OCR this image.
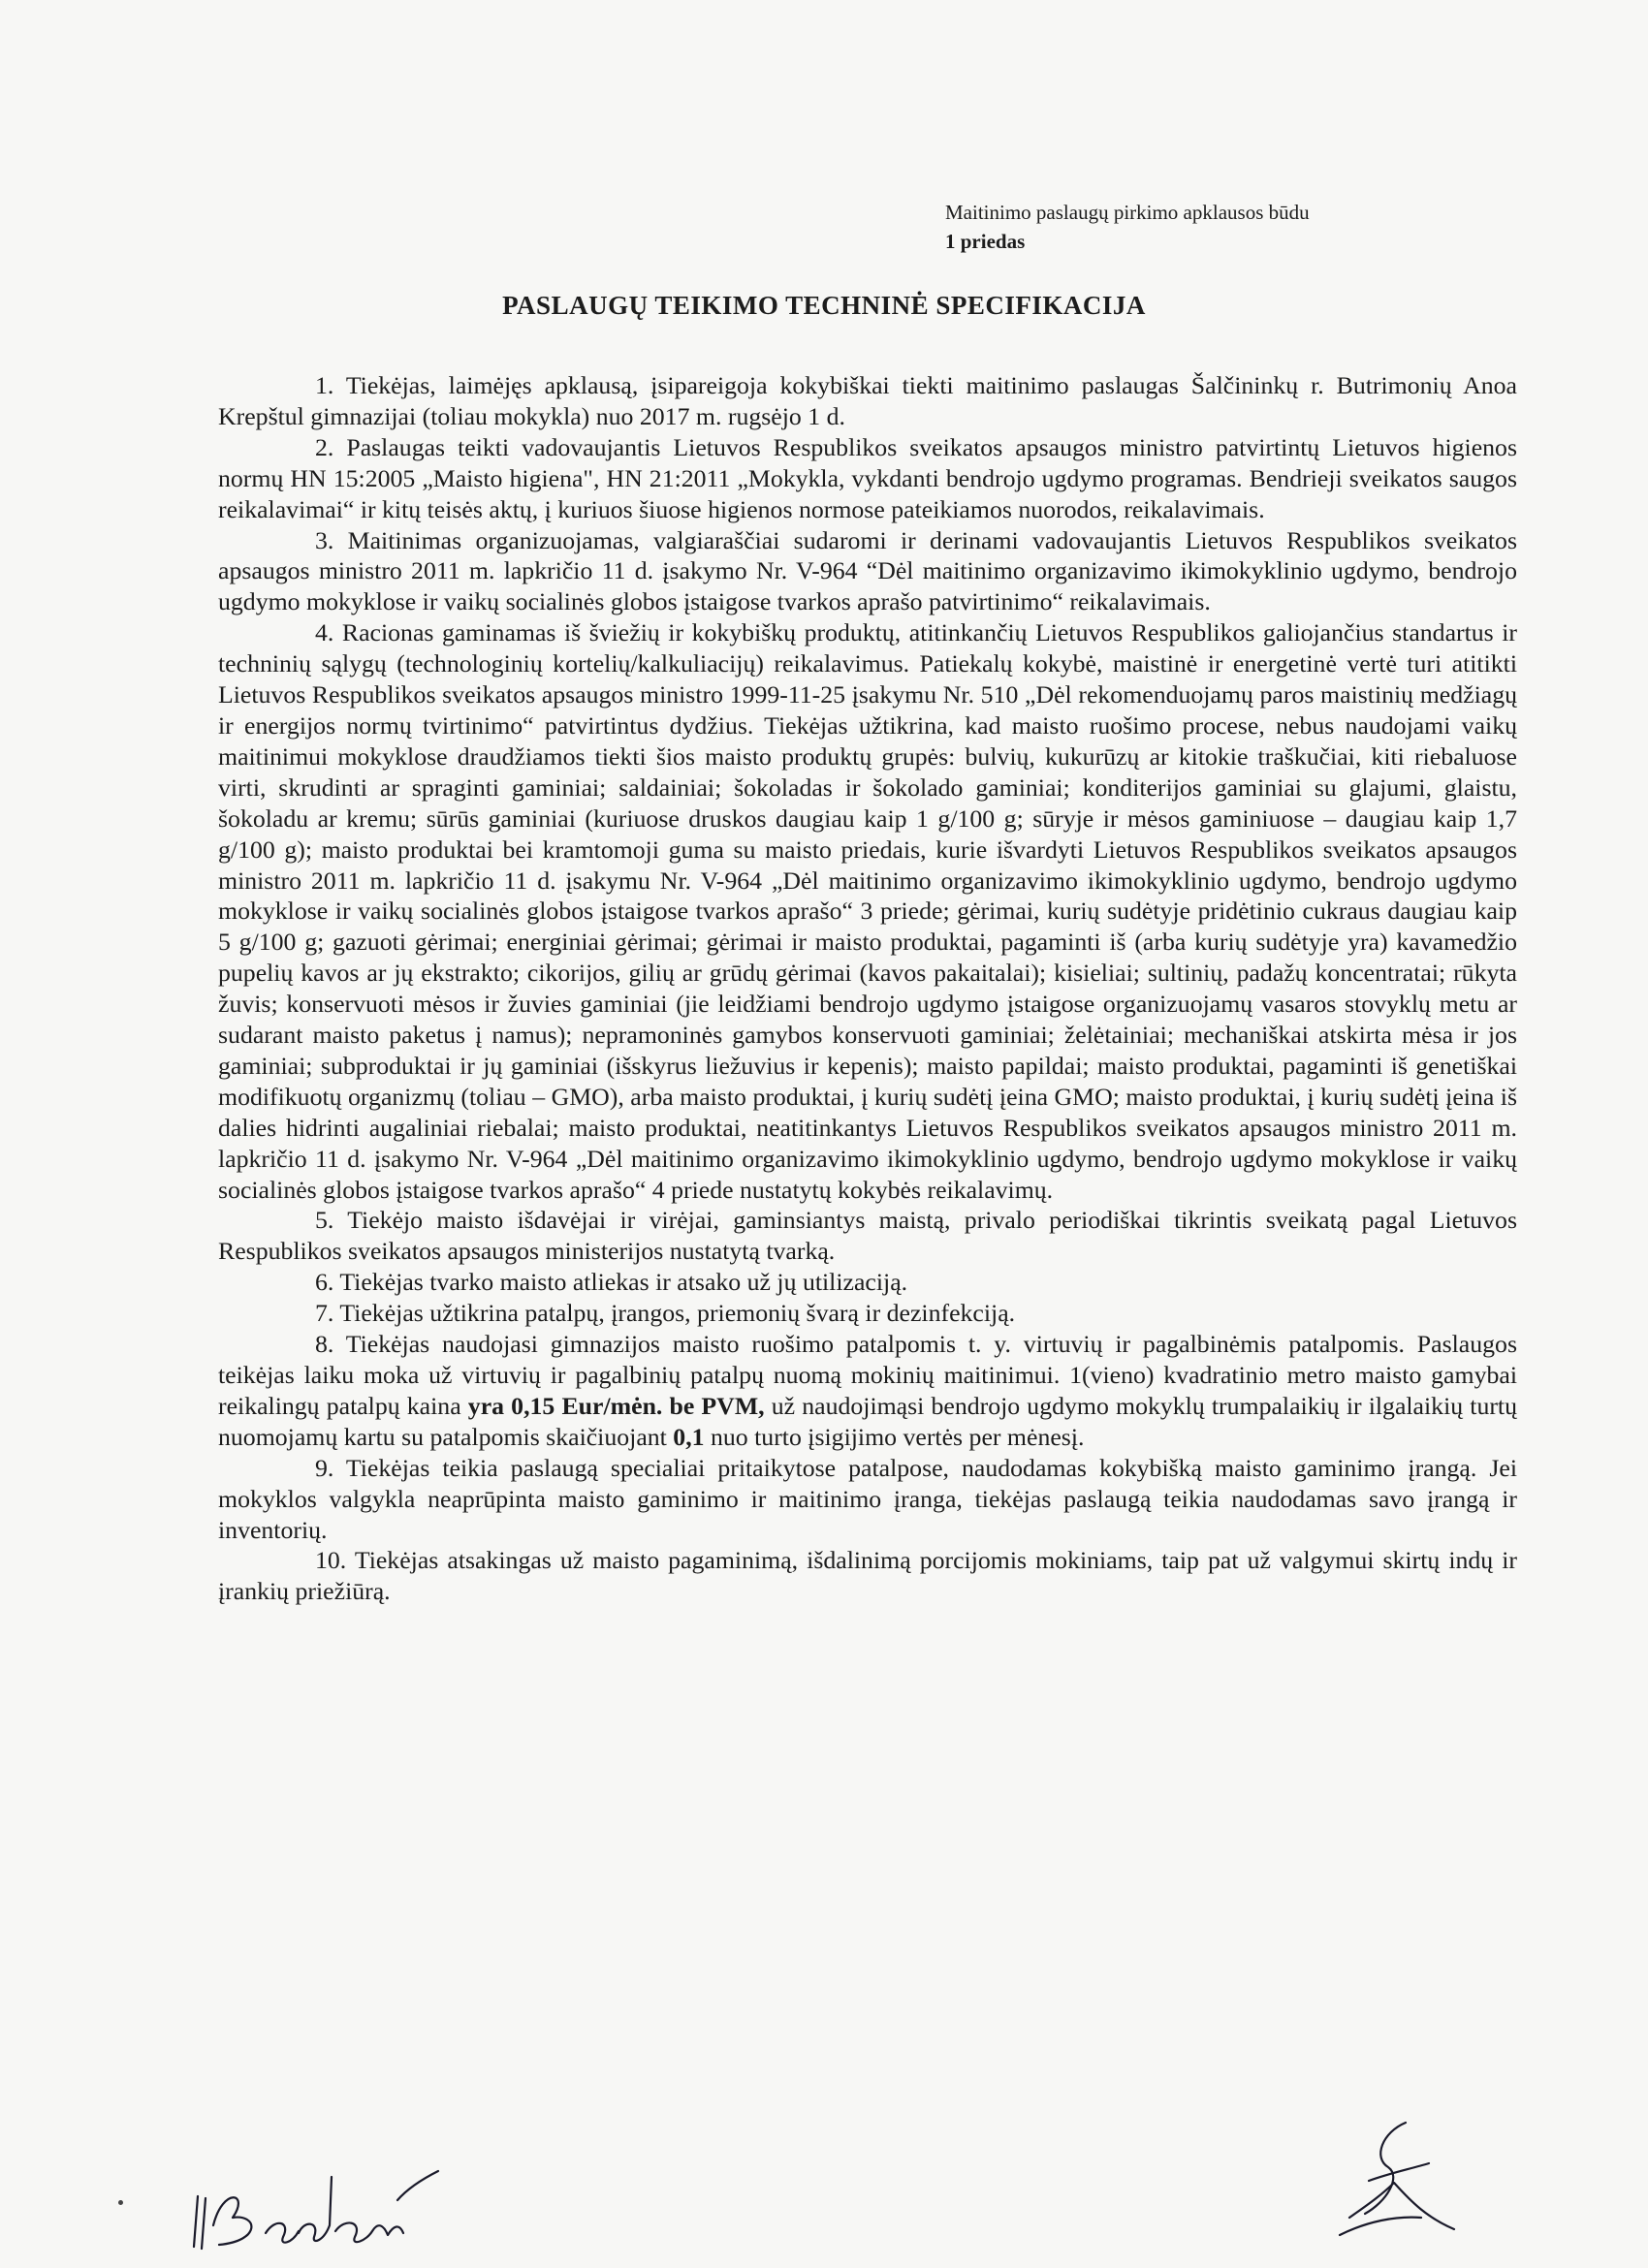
Maitinimo paslaugų pirkimo apklausos būdu
1 priedas
PASLAUGŲ TEIKIMO TECHNINĖ SPECIFIKACIJA

1. Tiekėjas, laimėjęs apklausą, įsipareigoja kokybiškai tiekti maitinimo paslaugas Šalčininkų r. Butrimonių Anoa Krepštul gimnazijai (toliau mokykla) nuo 2017 m. rugsėjo 1 d.

2. Paslaugas teikti vadovaujantis Lietuvos Respublikos sveikatos apsaugos ministro patvirtintų Lietuvos higienos normų HN 15:2005 „Maisto higiena", HN 21:2011 „Mokykla, vykdanti bendrojo ugdymo programas. Bendrieji sveikatos saugos reikalavimai“ ir kitų teisės aktų, į kuriuos šiuose higienos normose pateikiamos nuorodos, reikalavimais.

3. Maitinimas organizuojamas, valgiaraščiai sudaromi ir derinami vadovaujantis Lietuvos Respublikos sveikatos apsaugos ministro 2011 m. lapkričio 11 d. įsakymo Nr. V-964 “Dėl maitinimo organizavimo ikimokyklinio ugdymo, bendrojo ugdymo mokyklose ir vaikų socialinės globos įstaigose tvarkos aprašo patvirtinimo“ reikalavimais.

4. Racionas gaminamas iš šviežių ir kokybiškų produktų, atitinkančių Lietuvos Respublikos galiojančius standartus ir techninių sąlygų (technologinių kortelių/kalkuliacijų) reikalavimus. Patiekalų kokybė, maistinė ir energetinė vertė turi atitikti Lietuvos Respublikos sveikatos apsaugos ministro 1999-11-25 įsakymu Nr. 510 „Dėl rekomenduojamų paros maistinių medžiagų ir energijos normų tvirtinimo“ patvirtintus dydžius. Tiekėjas užtikrina, kad maisto ruošimo procese, nebus naudojami vaikų maitinimui mokyklose draudžiamos tiekti šios maisto produktų grupės: bulvių, kukurūzų ar kitokie traškučiai, kiti riebaluose virti, skrudinti ar spraginti gaminiai; saldainiai; šokoladas ir šokolado gaminiai; konditerijos gaminiai su glajumi, glaistu, šokoladu ar kremu; sūrūs gaminiai (kuriuose druskos daugiau kaip 1 g/100 g; sūryje ir mėsos gaminiuose – daugiau kaip 1,7 g/100 g); maisto produktai bei kramtomoji guma su maisto priedais, kurie išvardyti Lietuvos Respublikos sveikatos apsaugos ministro 2011 m. lapkričio 11 d. įsakymu Nr. V-964 „Dėl maitinimo organizavimo ikimokyklinio ugdymo, bendrojo ugdymo mokyklose ir vaikų socialinės globos įstaigose tvarkos aprašo“ 3 priede; gėrimai, kurių sudėtyje pridėtinio cukraus daugiau kaip 5 g/100 g; gazuoti gėrimai; energiniai gėrimai; gėrimai ir maisto produktai, pagaminti iš (arba kurių sudėtyje yra) kavamedžio pupelių kavos ar jų ekstrakto; cikorijos, gilių ar grūdų gėrimai (kavos pakaitalai); kisieliai; sultinių, padažų koncentratai; rūkyta žuvis; konservuoti mėsos ir žuvies gaminiai (jie leidžiami bendrojo ugdymo įstaigose organizuojamų vasaros stovyklų metu ar sudarant maisto paketus į namus); nepramoninės gamybos konservuoti gaminiai; želėtainiai; mechaniškai atskirta mėsa ir jos gaminiai; subproduktai ir jų gaminiai (išskyrus liežuvius ir kepenis); maisto papildai; maisto produktai, pagaminti iš genetiškai modifikuotų organizmų (toliau – GMO), arba maisto produktai, į kurių sudėtį įeina GMO; maisto produktai, į kurių sudėtį įeina iš dalies hidrinti augaliniai riebalai; maisto produktai, neatitinkantys Lietuvos Respublikos sveikatos apsaugos ministro 2011 m. lapkričio 11 d. įsakymo Nr. V-964 „Dėl maitinimo organizavimo ikimokyklinio ugdymo, bendrojo ugdymo mokyklose ir vaikų socialinės globos įstaigose tvarkos aprašo“ 4 priede nustatytų kokybės reikalavimų.

5. Tiekėjo maisto išdavėjai ir virėjai, gaminsiantys maistą, privalo periodiškai tikrintis sveikatą pagal Lietuvos Respublikos sveikatos apsaugos ministerijos nustatytą tvarką.

6. Tiekėjas tvarko maisto atliekas ir atsako už jų utilizaciją.

7. Tiekėjas užtikrina patalpų, įrangos, priemonių švarą ir dezinfekciją.

8. Tiekėjas naudojasi gimnazijos maisto ruošimo patalpomis t. y. virtuvių ir pagalbinėmis patalpomis. Paslaugos teikėjas laiku moka už virtuvių ir pagalbinių patalpų nuomą mokinių maitinimui. 1(vieno) kvadratinio metro maisto gamybai reikalingų patalpų kaina yra 0,15 Eur/mėn. be PVM, už naudojimąsi bendrojo ugdymo mokyklų trumpalaikių ir ilgalaikių turtų nuomojamų kartu su patalpomis skaičiuojant 0,1 nuo turto įsigijimo vertės per mėnesį.

9. Tiekėjas teikia paslaugą specialiai pritaikytose patalpose, naudodamas kokybišką maisto gaminimo įrangą. Jei mokyklos valgykla neaprūpinta maisto gaminimo ir maitinimo įranga, tiekėjas paslaugą teikia naudodamas savo įrangą ir inventorių.

10. Tiekėjas atsakingas už maisto pagaminimą, išdalinimą porcijomis mokiniams, taip pat už valgymui skirtų indų ir įrankių priežiūrą.
